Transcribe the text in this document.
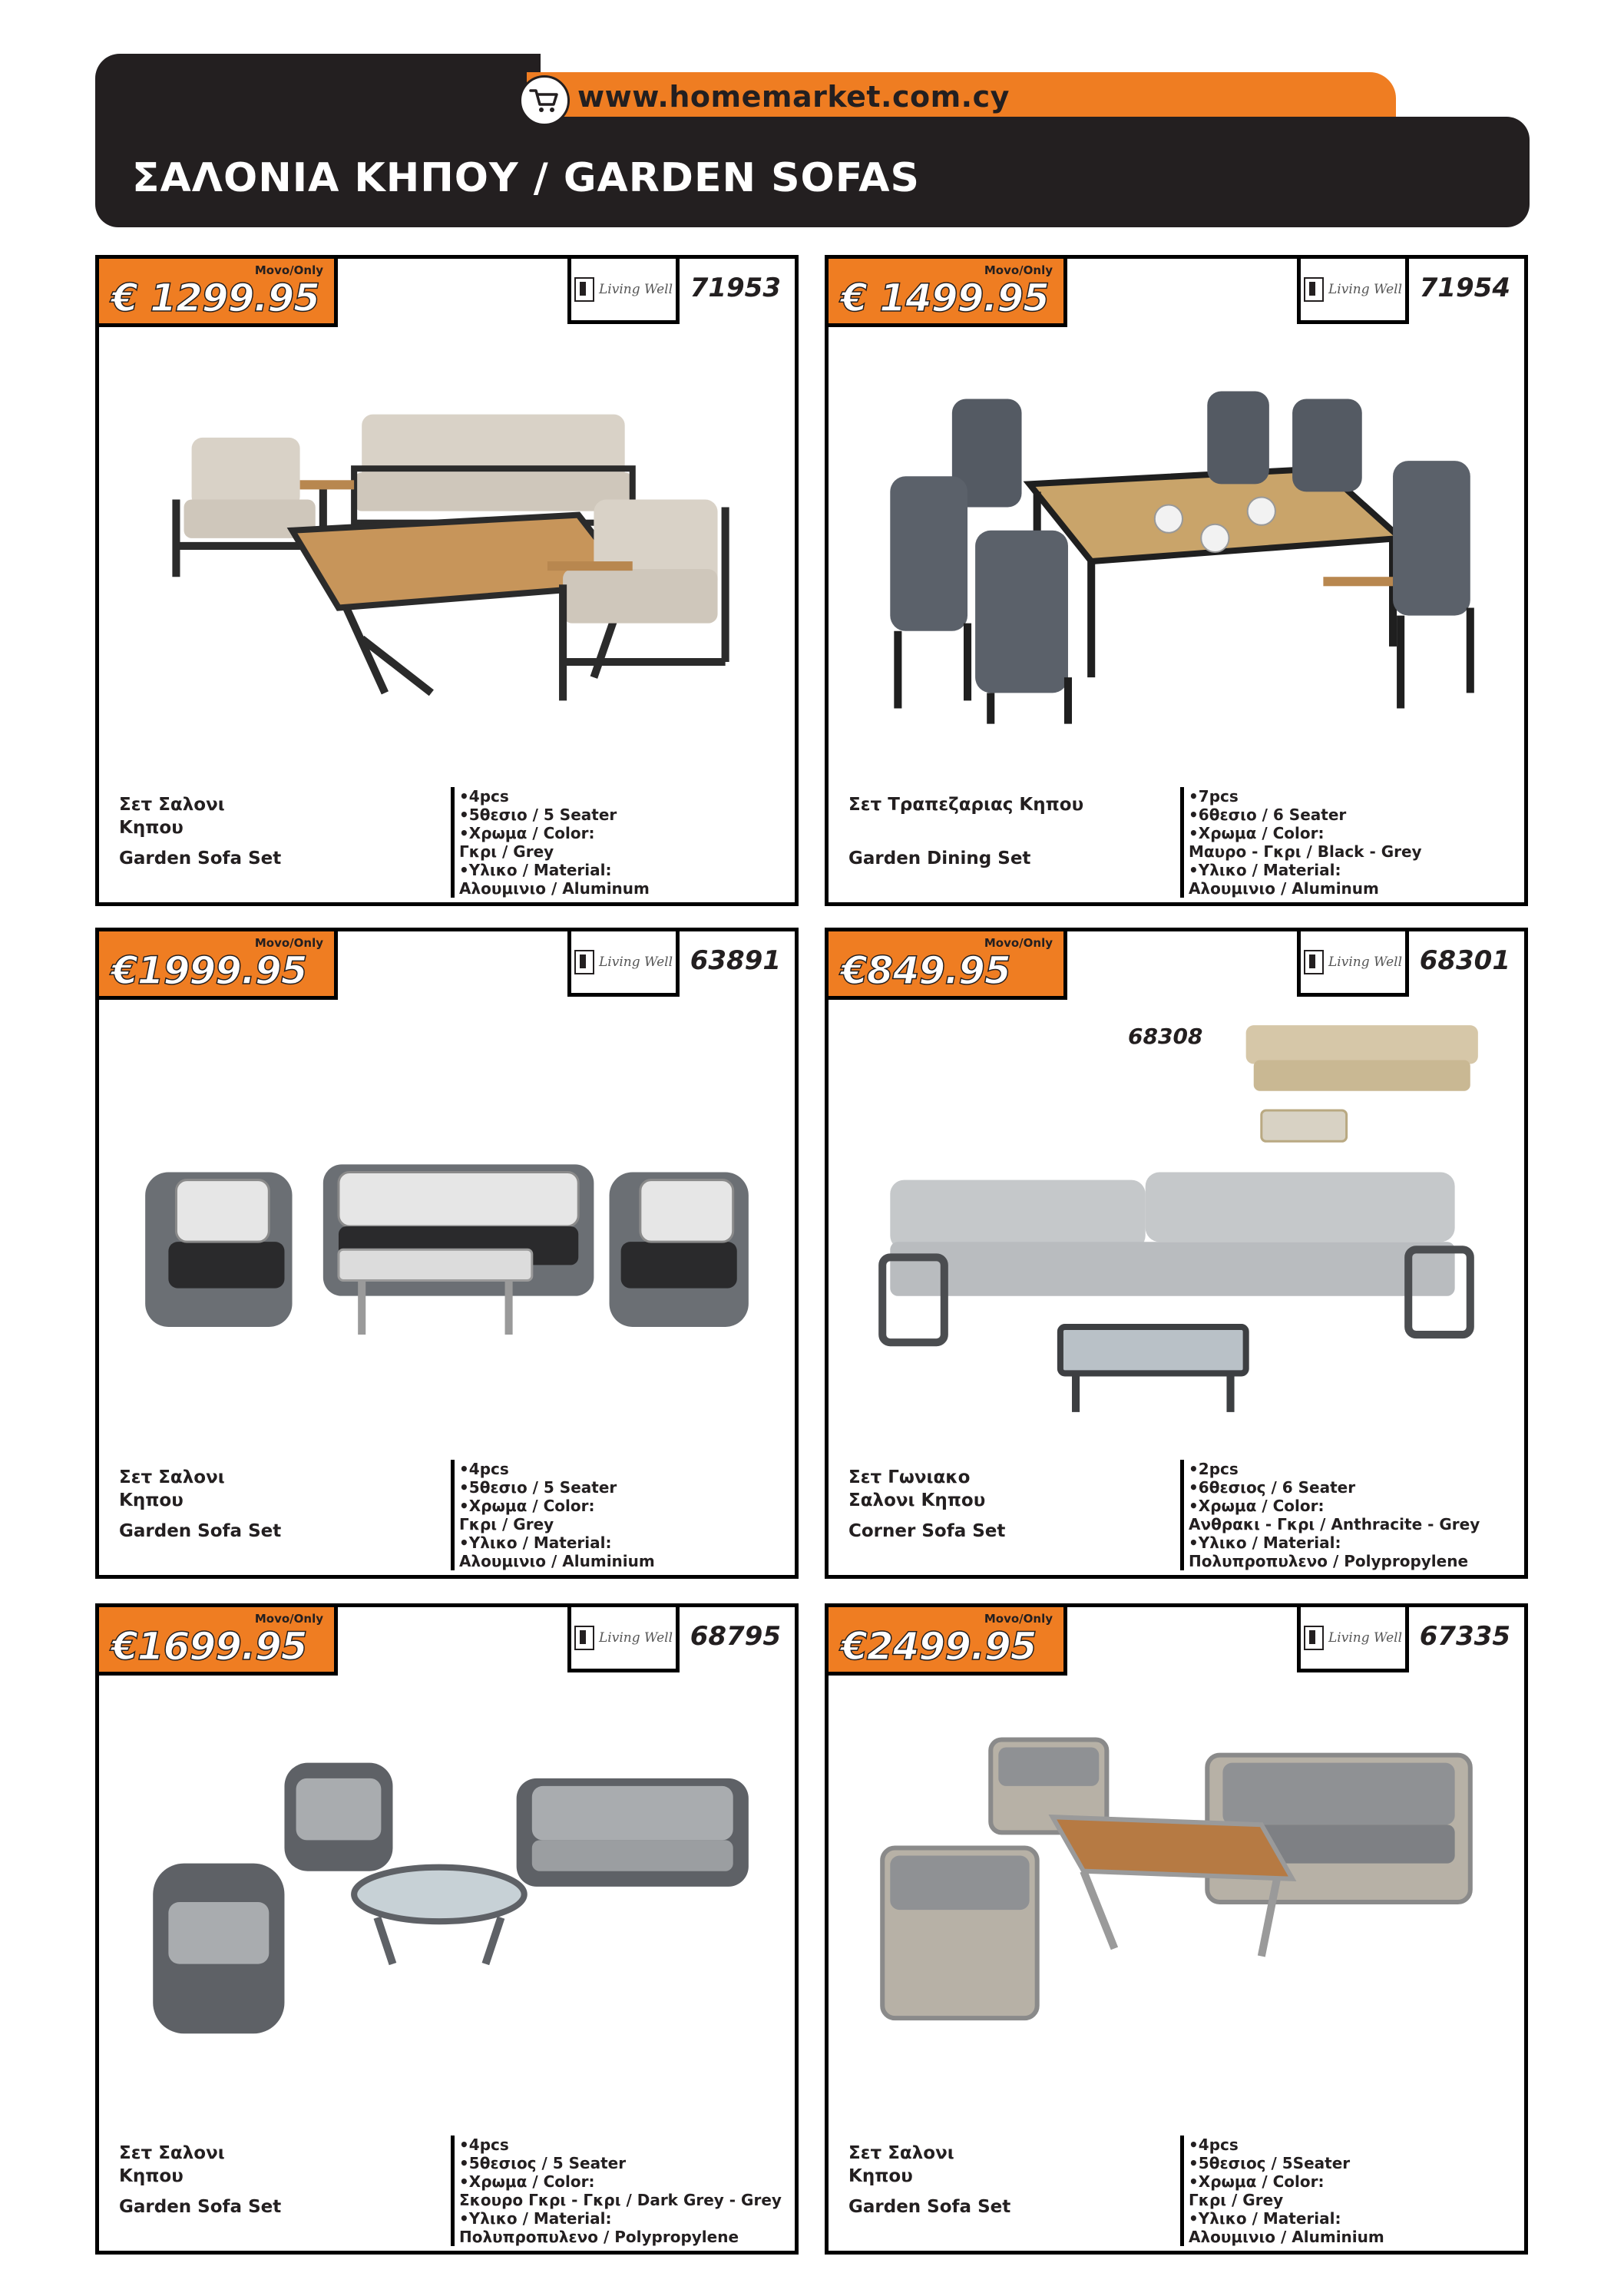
www.homemarket.com.cy
ΣΑΛΟΝΙΑ ΚΗΠΟΥ / GARDEN SOFAS
Movo/Only
€ 1299.95	Living Well 71953
Σετ Σαλονι
Κηπου
Garden Sofa Set
•4pcs
•5θεσιο / 5 Seater
•Χρωμα / Color:
Γκρι / Grey
•Υλικο / Material:
Αλουμινιο / Aluminum
Movo/Only
€ 1499.95	Living Well 71954
Σετ Τραπεζαριας Κηπου
Garden Dining Set
•7pcs
•6θεσιο / 6 Seater
•Χρωμα / Color:
Μαυρο - Γκρι / Black - Grey
•Υλικο / Material:
Αλουμινιο / Aluminum
Movo/Only
€1999.95	Living Well 63891
Σετ Σαλονι
Κηπου
Garden Sofa Set
•4pcs
•5θεσιο / 5 Seater
•Χρωμα / Color:
Γκρι / Grey
•Υλικο / Material:
Αλουμινιο / Aluminium
Movo/Only
€849.95	Living Well 68301
68308
Σετ Γωνιακο
Σαλονι Κηπου
Corner Sofa Set
•2pcs
•6θεσιος / 6 Seater
•Χρωμα / Color:
Ανθρακι - Γκρι / Anthracite - Grey
•Υλικο / Material:
Πολυπροπυλενο / Polypropylene
Movo/Only
€1699.95	Living Well 68795
Σετ Σαλονι
Κηπου
Garden Sofa Set
•4pcs
•5θεσιος / 5 Seater
•Χρωμα / Color:
Σκουρο Γκρι - Γκρι / Dark Grey - Grey
•Υλικο / Material:
Πολυπροπυλενο / Polypropylene
Movo/Only
€2499.95	Living Well 67335
Σετ Σαλονι
Κηπου
Garden Sofa Set
•4pcs
•5θεσιος / 5Seater
•Χρωμα / Color:
Γκρι / Grey
•Υλικο / Material:
Αλουμινιο / Aluminium
